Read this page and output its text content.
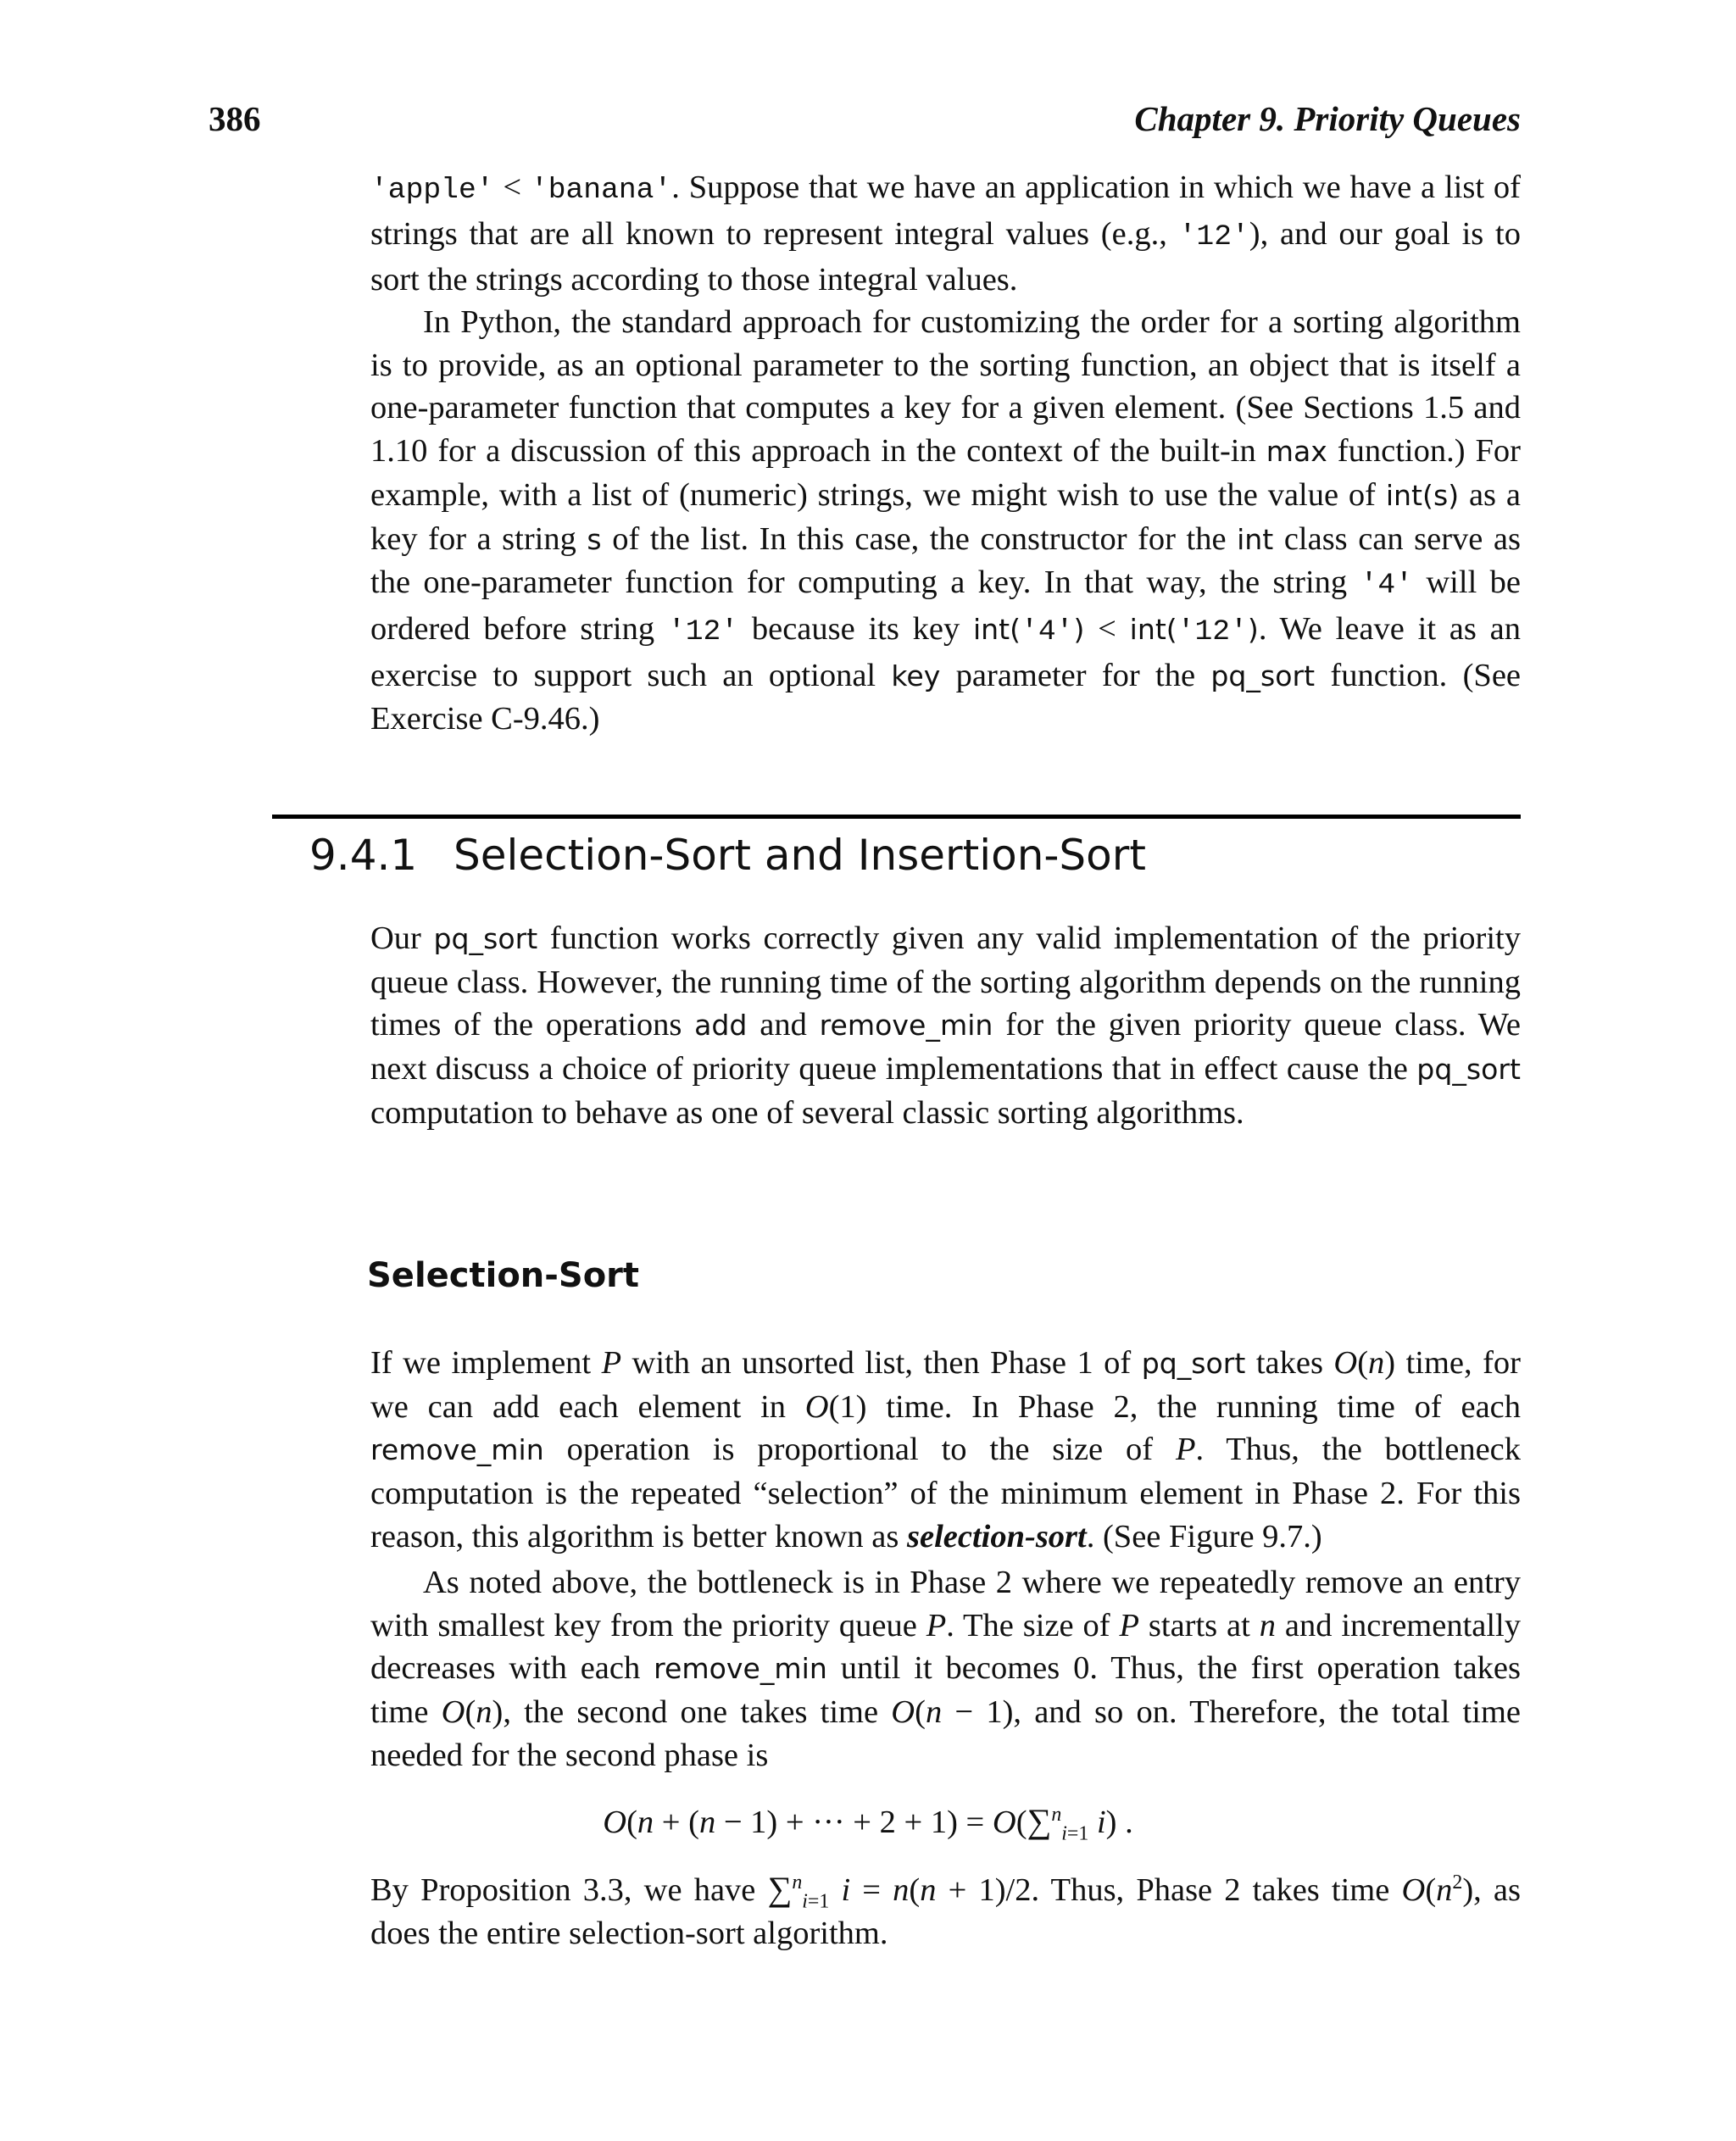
386	Chapter 9. Priority Queues

'apple' < 'banana'. Suppose that we have an application in which we have a list of strings that are all known to represent integral values (e.g., '12'), and our goal is to sort the strings according to those integral values.

In Python, the standard approach for customizing the order for a sorting algorithm is to provide, as an optional parameter to the sorting function, an object that is itself a one-parameter function that computes a key for a given element. (See Sections 1.5 and 1.10 for a discussion of this approach in the context of the built-in max function.) For example, with a list of (numeric) strings, we might wish to use the value of int(s) as a key for a string s of the list. In this case, the constructor for the int class can serve as the one-parameter function for computing a key. In that way, the string '4' will be ordered before string '12' because its key int('4') < int('12'). We leave it as an exercise to support such an optional key parameter for the pq_sort function. (See Exercise C-9.46.)

9.4.1 Selection-Sort and Insertion-Sort

Our pq_sort function works correctly given any valid implementation of the priority queue class. However, the running time of the sorting algorithm depends on the running times of the operations add and remove_min for the given priority queue class. We next discuss a choice of priority queue implementations that in effect cause the pq_sort computation to behave as one of several classic sorting algorithms.

Selection-Sort

If we implement P with an unsorted list, then Phase 1 of pq_sort takes O(n) time, for we can add each element in O(1) time. In Phase 2, the running time of each remove_min operation is proportional to the size of P. Thus, the bottleneck computation is the repeated “selection” of the minimum element in Phase 2. For this reason, this algorithm is better known as selection-sort. (See Figure 9.7.)

As noted above, the bottleneck is in Phase 2 where we repeatedly remove an entry with smallest key from the priority queue P. The size of P starts at n and incrementally decreases with each remove_min until it becomes 0. Thus, the first operation takes time O(n), the second one takes time O(n − 1), and so on. Therefore, the total time needed for the second phase is

O(n + (n − 1) + ··· + 2 + 1) = O(∑$^n_{i=1}$ i) .

By Proposition 3.3, we have ∑$^n_{i=1}$ i = n(n + 1)/2. Thus, Phase 2 takes time $O(n^2)$, as does the entire selection-sort algorithm.
